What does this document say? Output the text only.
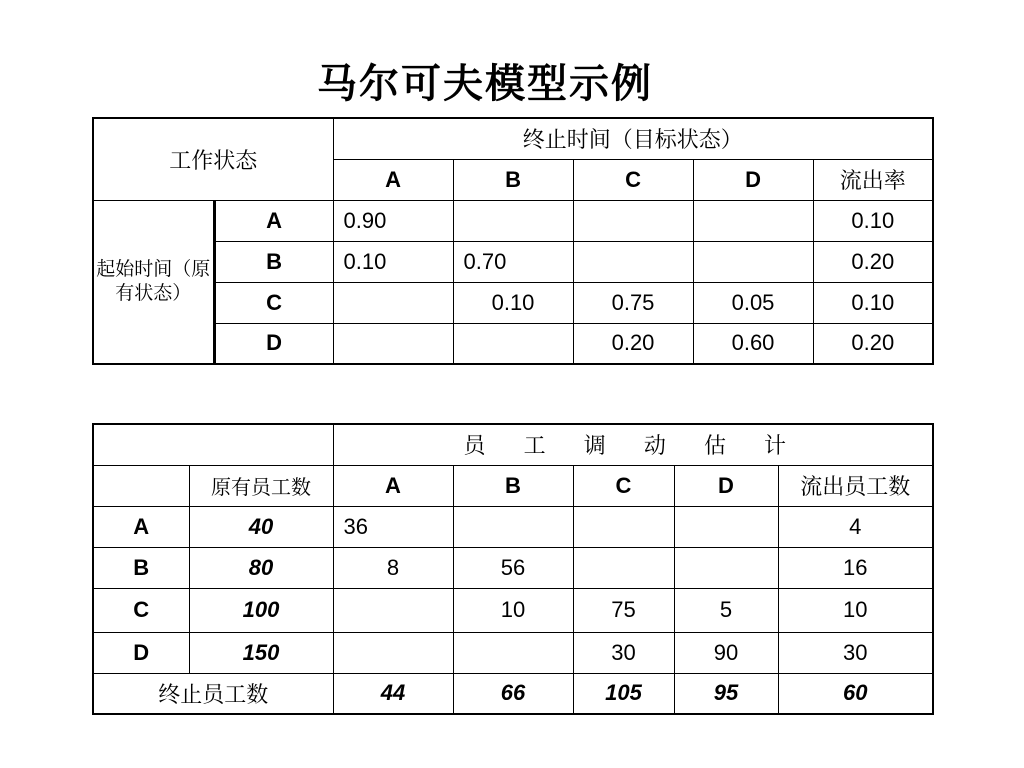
马尔可夫模型示例
工作状态		终止时间（目标状态）				
		A	B	C	D	流出率
起始时间（原有状态）	A	0.90				0.10
	B	0.10	0.70			0.20
	C		0.10	0.75	0.05	0.10
	D			0.20	0.60	0.20
		员 工 调 动 估 计				
	原有员工数	A	B	C	D	流出员工数
A	40	36				4
B	80	8	56			16
C	100		10	75	5	10
D	150			30	90	30
终止员工数		44	66	105	95	60
